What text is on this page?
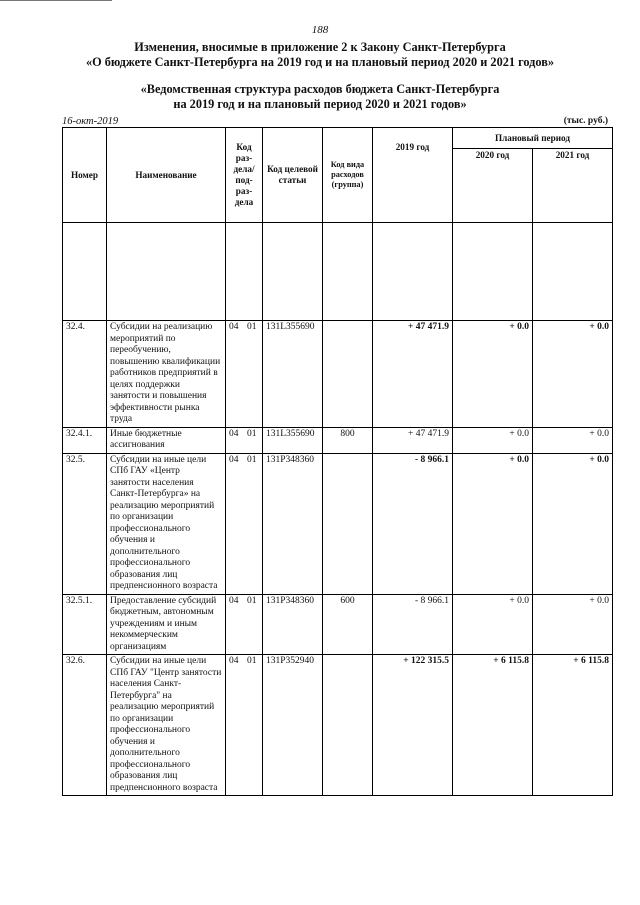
188
Изменения, вносимые в приложение 2 к Закону Санкт-Петербурга
«О бюджете Санкт-Петербурга на 2019 год и на плановый период 2020 и 2021 годов»
«Ведомственная структура расходов бюджета Санкт-Петербурга
на 2019 год и на плановый период 2020 и 2021 годов»
16-окт-2019	(тыс. руб.)
Номер	Наименование	Код раз- дела/ под- раз- дела	Код целевой статьи	Код вида расходов (группа)	2019 год	Плановый период	
						2020 год	2021 год

32.4.	Субсидии на реализацию мероприятий по переобучению, повышению квалификации работников предприятий в целях поддержки занятости и повышения эффективности рынка труда	04 01	131L355690		+ 47 471.9	+ 0.0	+ 0.0
32.4.1.	Иные бюджетные ассигнования	04 01	131L355690	800	+ 47 471.9	+ 0.0	+ 0.0
32.5.	Субсидии на иные цели СПб ГАУ «Центр занятости населения Санкт-Петербурга» на реализацию мероприятий по организации профессионального обучения и дополнительного профессионального образования лиц предпенсионного возраста	04 01	131P348360		- 8 966.1	+ 0.0	+ 0.0
32.5.1.	Предоставление субсидий бюджетным, автономным учреждениям и иным некоммерческим организациям	04 01	131P348360	600	- 8 966.1	+ 0.0	+ 0.0
32.6.	Субсидии на иные цели СПб ГАУ "Центр занятости населения Санкт-Петербурга" на реализацию мероприятий по организации профессионального обучения и дополнительного профессионального образования лиц предпенсионного возраста	04 01	131P352940		+ 122 315.5	+ 6 115.8	+ 6 115.8
